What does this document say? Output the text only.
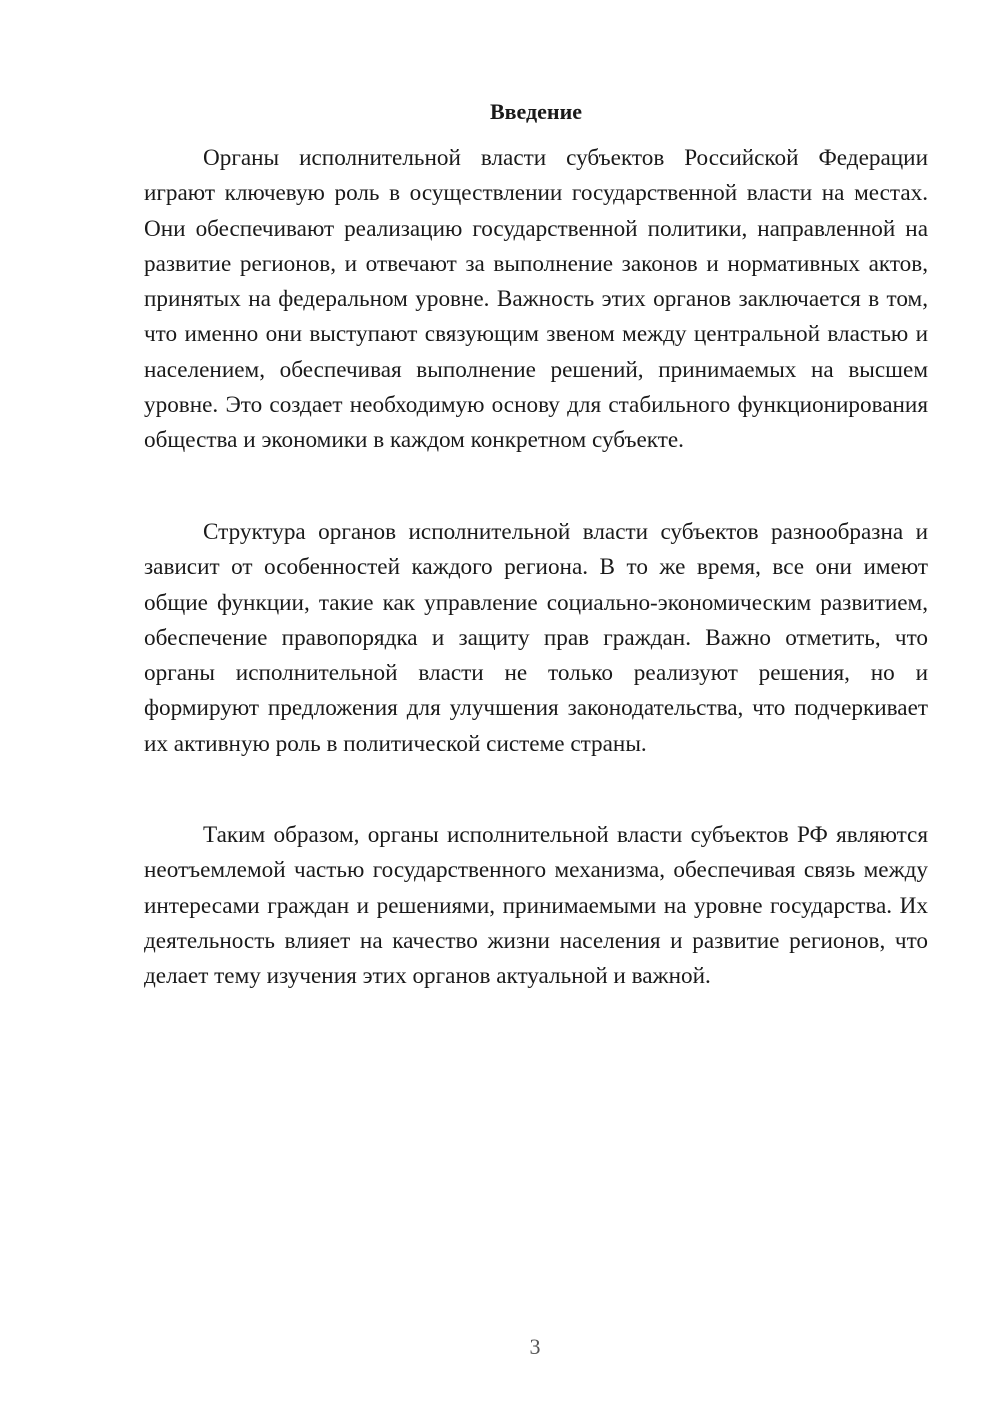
Введение

Органы исполнительной власти субъектов Российской Федерации играют ключевую роль в осуществлении государственной власти на местах. Они обеспечивают реализацию государственной политики, направленной на развитие регионов, и отвечают за выполнение законов и нормативных актов, принятых на федеральном уровне. Важность этих органов заключается в том, что именно они выступают связующим звеном между центральной властью и населением, обеспечивая выполнение решений, принимаемых на высшем уровне. Это создает необходимую основу для стабильного функционирования общества и экономики в каждом конкретном субъекте.

Структура органов исполнительной власти субъектов разнообразна и зависит от особенностей каждого региона. В то же время, все они имеют общие функции, такие как управление социально-экономическим развитием, обеспечение правопорядка и защиту прав граждан. Важно отметить, что органы исполнительной власти не только реализуют решения, но и формируют предложения для улучшения законодательства, что подчеркивает их активную роль в политической системе страны.

Таким образом, органы исполнительной власти субъектов РФ являются неотъемлемой частью государственного механизма, обеспечивая связь между интересами граждан и решениями, принимаемыми на уровне государства. Их деятельность влияет на качество жизни населения и развитие регионов, что делает тему изучения этих органов актуальной и важной.

3
